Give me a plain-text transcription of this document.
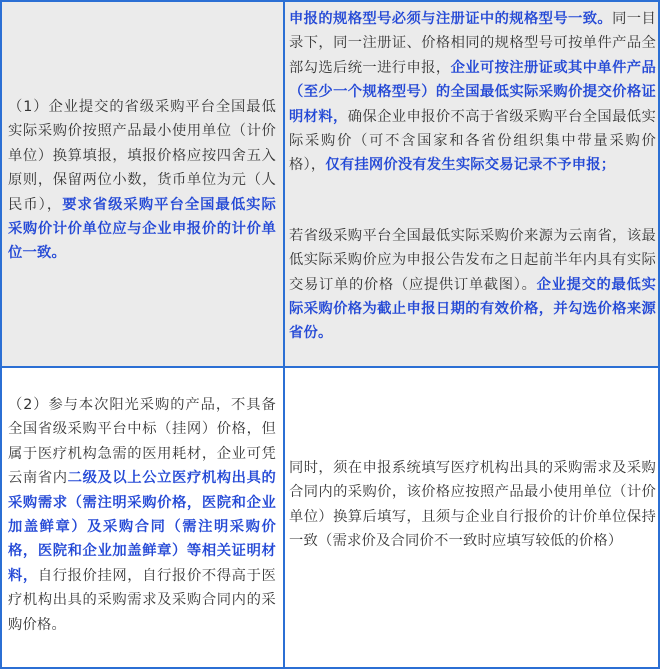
（1）企业提交的省级采购平台全国最低实际采购价按照产品最小使用单位（计价单位）换算填报，填报价格应按四舍五入原则，保留两位小数，货币单位为元（人民币），要求省级采购平台全国最低实际采购价计价单位应与企业申报价的计价单位一致。
申报的规格型号必须与注册证中的规格型号一致。同一目录下，同一注册证、价格相同的规格型号可按单件产品全部勾选后统一进行申报，企业可按注册证或其中单件产品（至少一个规格型号）的全国最低实际采购价提交价格证明材料，确保企业申报价不高于省级采购平台全国最低实际采购价（可不含国家和各省份组织集中带量采购价格），仅有挂网价没有发生实际交易记录不予申报；
若省级采购平台全国最低实际采购价来源为云南省，该最低实际采购价应为申报公告发布之日起前半年内具有实际交易订单的价格（应提供订单截图）。企业提交的最低实际采购价格为截止申报日期的有效价格，并勾选价格来源省份。
（2）参与本次阳光采购的产品，不具备全国省级采购平台中标（挂网）价格，但属于医疗机构急需的医用耗材，企业可凭云南省内二级及以上公立医疗机构出具的采购需求（需注明采购价格，医院和企业加盖鲜章）及采购合同（需注明采购价格，医院和企业加盖鲜章）等相关证明材料，自行报价挂网，自行报价不得高于医疗机构出具的采购需求及采购合同内的采购价格。
同时，须在申报系统填写医疗机构出具的采购需求及采购合同内的采购价，该价格应按照产品最小使用单位（计价单位）换算后填写，且须与企业自行报价的计价单位保持一致（需求价及合同价不一致时应填写较低的价格）
